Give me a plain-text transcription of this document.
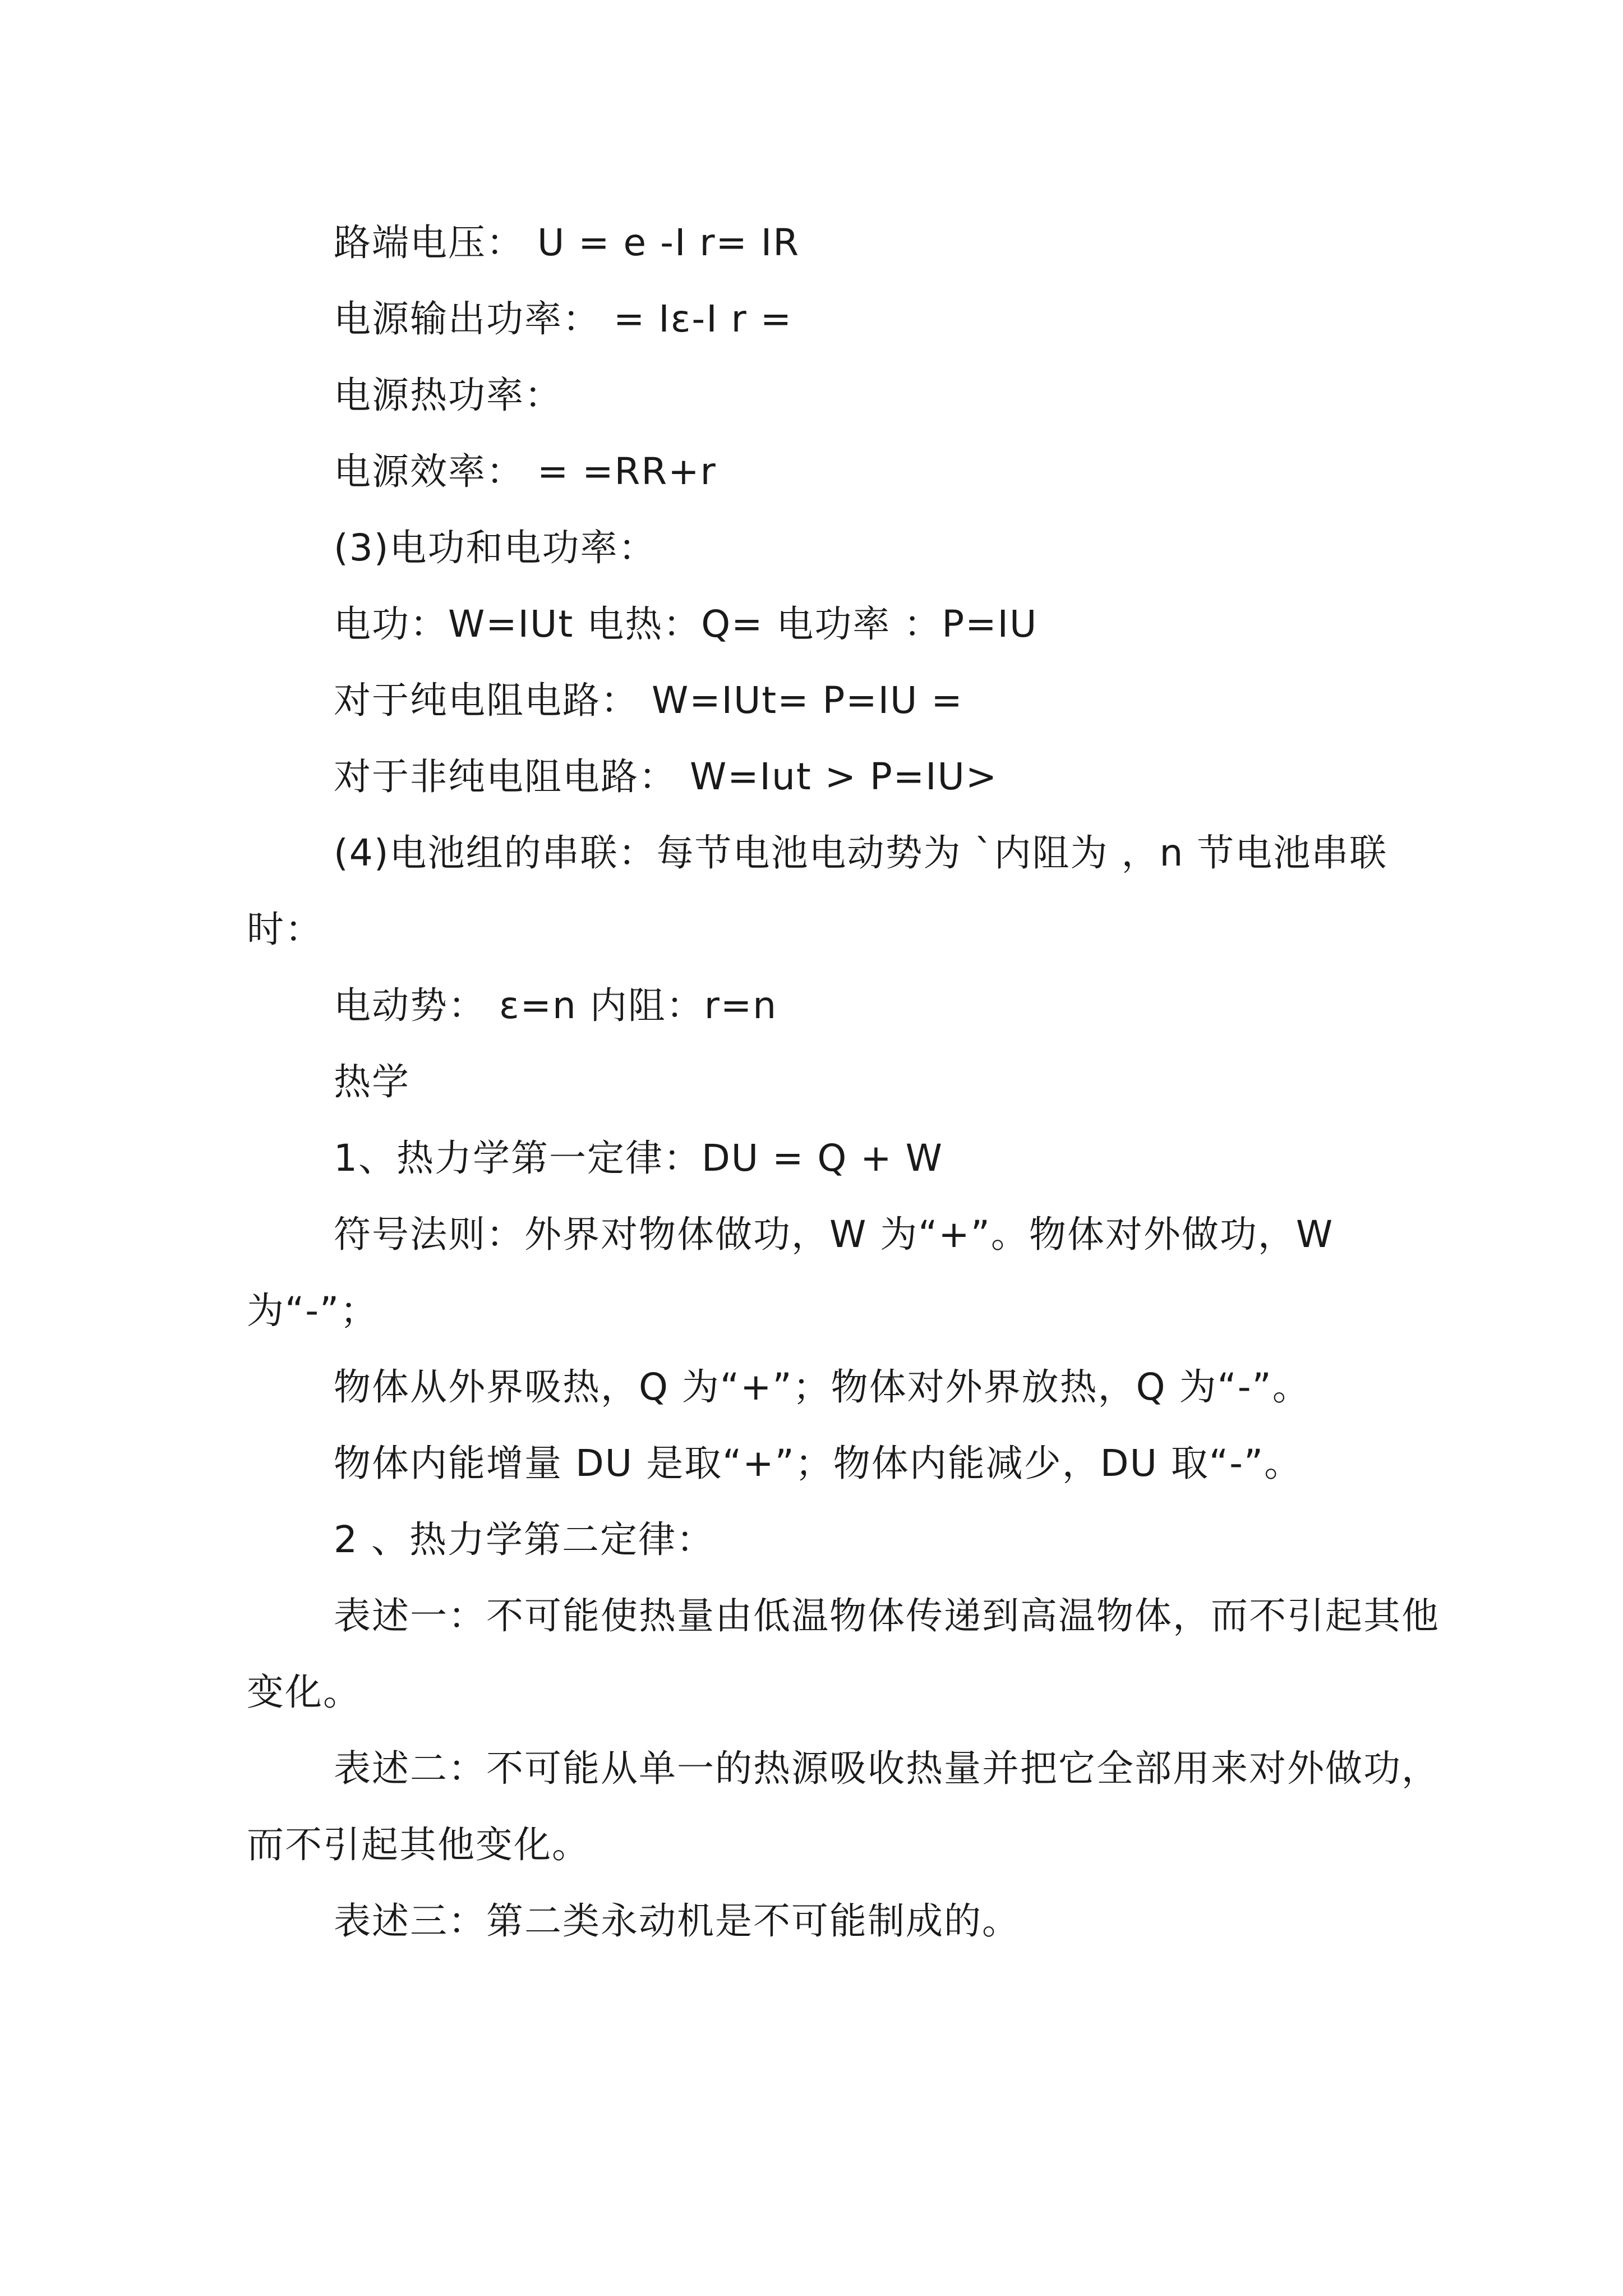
路端电压： U = e -I r= IR

电源输出功率： = Iε-I r =

电源热功率：

电源效率： = =RR+r

(3)电功和电功率：

电功：W=IUt 电热：Q= 电功率 ：P=IU

对于纯电阻电路： W=IUt= P=IU =

对于非纯电阻电路： W=Iut > P=IU>

(4)电池组的串联：每节电池电动势为 `内阻为 ，n 节电池串联时：

电动势： ε=n 内阻：r=n

热学

1、热力学第一定律：DU = Q + W

符号法则：外界对物体做功，W 为“+”。物体对外做功，W 为“-”；

物体从外界吸热，Q 为“+”；物体对外界放热，Q 为“-”。

物体内能增量 DU 是取“+”；物体内能减少，DU 取“-”。

2 、热力学第二定律：

表述一：不可能使热量由低温物体传递到高温物体，而不引起其他变化。

表述二：不可能从单一的热源吸收热量并把它全部用来对外做功，而不引起其他变化。

表述三：第二类永动机是不可能制成的。
